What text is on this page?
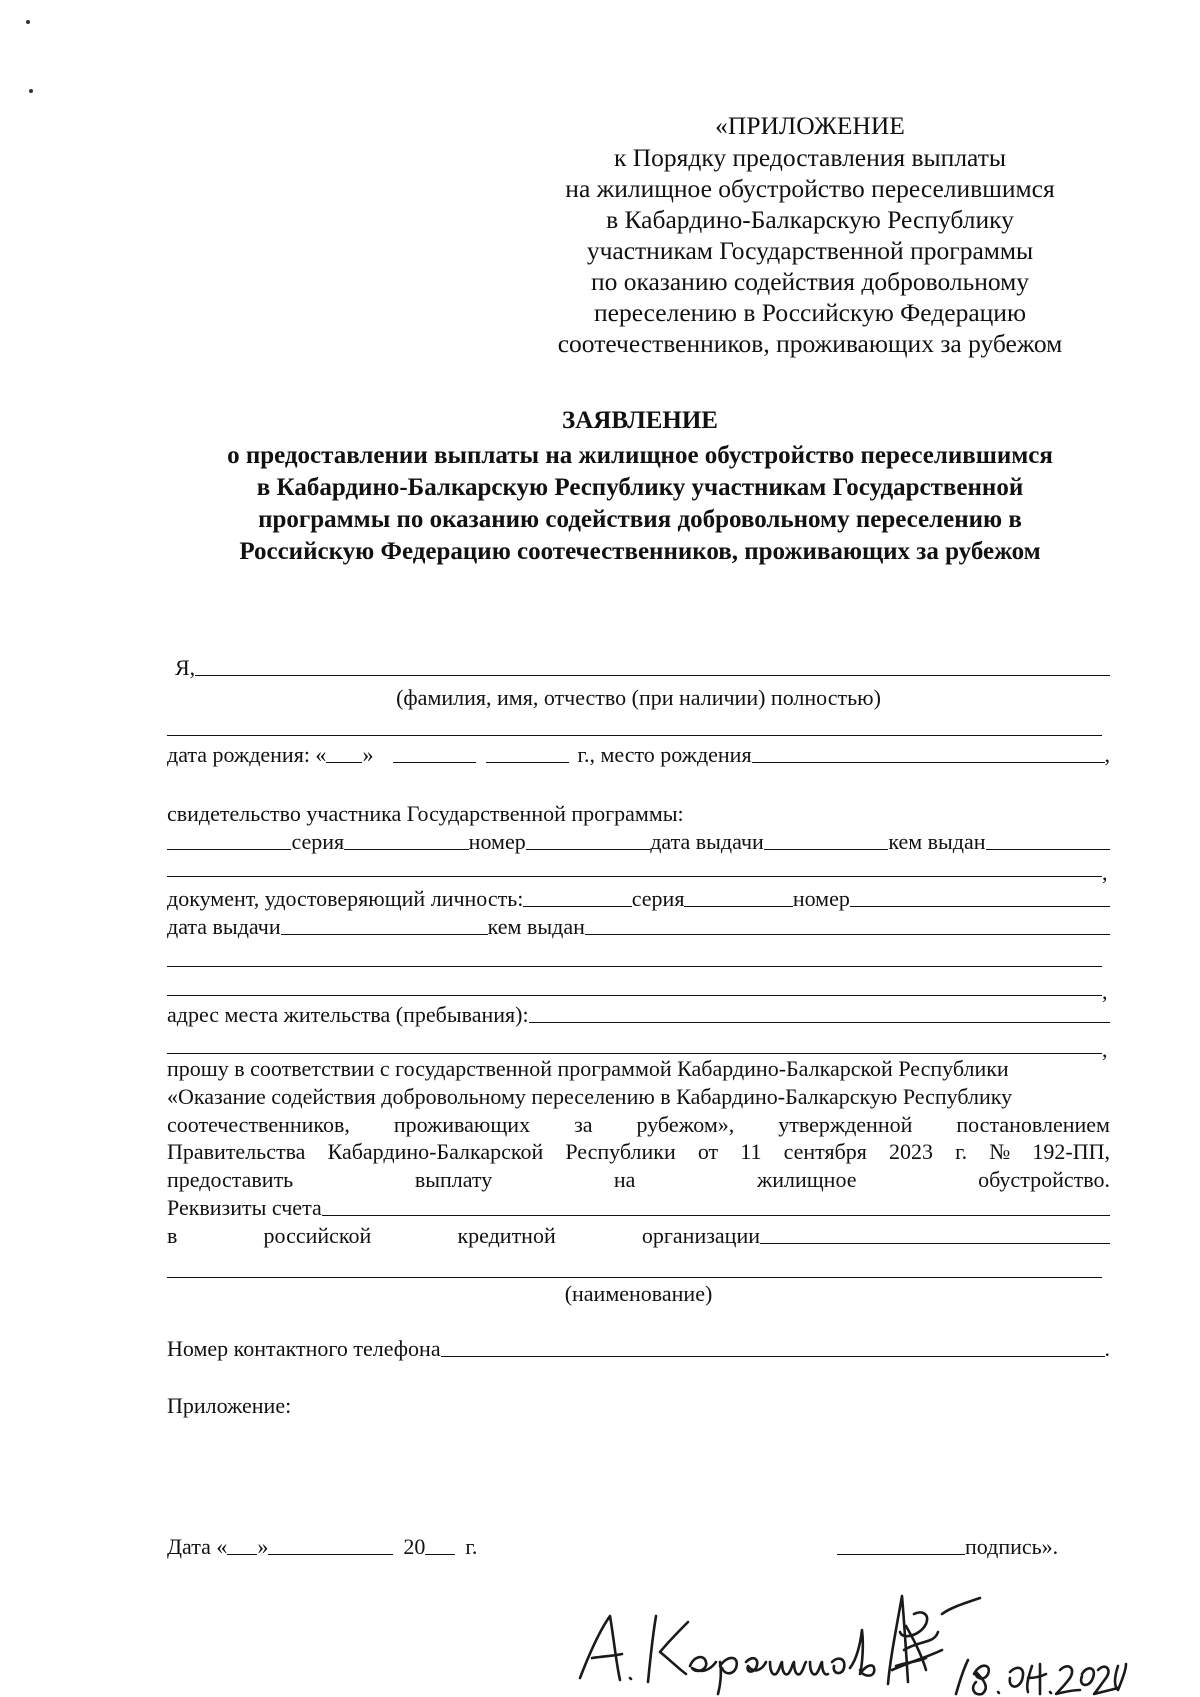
«ПРИЛОЖЕНИЕ
к Порядку предоставления выплаты
на жилищное обустройство переселившимся
в Кабардино-Балкарскую Республику
участникам Государственной программы
по оказанию содействия добровольному
переселению в Российскую Федерацию
соотечественников, проживающих за рубежом
ЗАЯВЛЕНИЕ
о предоставлении выплаты на жилищное обустройство переселившимся
в Кабардино-Балкарскую Республику участникам Государственной
программы по оказанию содействия добровольному переселению в
Российскую Федерацию соотечественников, проживающих за рубежом
Я,
(фамилия, имя, отчество (при наличии) полностью)
дата рождения: « »	г., место рождения	,
свидетельство участника Государственной программы:
серия	номер	дата выдачи	кем выдан
,
документ, удостоверяющий личность:	серия	номер
дата выдачи	кем выдан
,
адрес места жительства (пребывания):
,
прошу в соответствии с государственной программой Кабардино-Балкарской Республики
«Оказание содействия добровольному переселению в Кабардино-Балкарскую Республику
соотечественников, проживающих за рубежом», утвержденной постановлением
Правительства Кабардино-Балкарской Республики от 11 сентября 2023 г. № 192-ПП,
предоставить	выплату	на	жилищное	обустройство.
Реквизиты счета
в	российской	кредитной	организации
(наименование)
Номер контактного телефона	.
Приложение:
Дата « »	20 г.	подпись».
